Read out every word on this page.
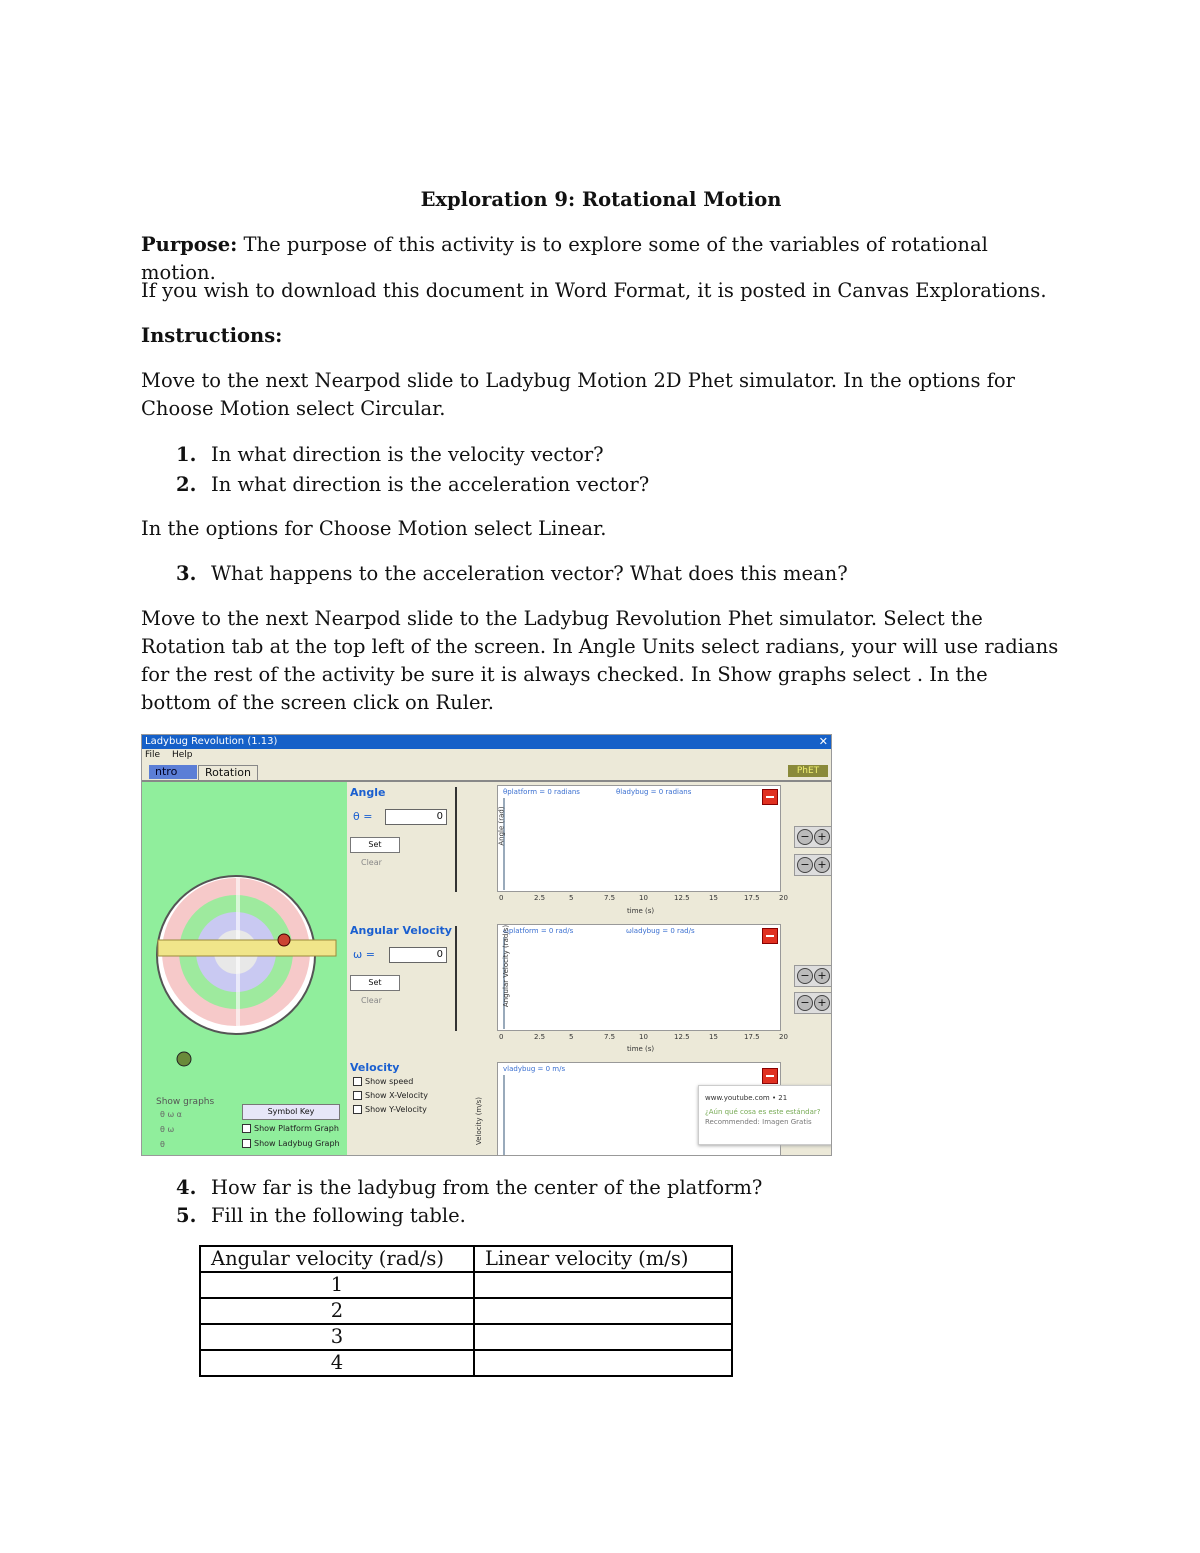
Exploration 9: Rotational Motion
Purpose: The purpose of this activity is to explore some of the variables of rotational motion.
If you wish to download this document in Word Format, it is posted in Canvas Explorations.
Instructions:
Move to the next Nearpod slide to Ladybug Motion 2D Phet simulator. In the options for Choose Motion select Circular.
1. In what direction is the velocity vector?
2. In what direction is the acceleration vector?
In the options for Choose Motion select Linear.
3. What happens to the acceleration vector? What does this mean?
Move to the next Nearpod slide to the Ladybug Revolution Phet simulator. Select the Rotation tab at the top left of the screen. In Angle Units select radians, your will use radians for the rest of the activity be sure it is always checked. In Show graphs select . In the bottom of the screen click on Ruler.
4. How far is the ladybug from the center of the platform?
5. Fill in the following table.
Ladybug Revolution (1.13)	✕
File Help
ntro	Rotation	PhET
Show graphs
θ ω α
θ ω
θ
Symbol Key
Show Platform Graph
Show Ladybug Graph
Angle
θ =	0
Set
Clear
θplatform = 0 radians	θladybug = 0 radians
Angle (rad)
time (s)
0	2.5	5	7.5	10	12.5	15	17.5	20
− +
− +
Angular Velocity
ω =	0
Set
Clear
ωplatform = 0 rad/s	ωladybug = 0 rad/s
Angular Velocity (rad/s)
time (s)
0	2.5	5	7.5	10	12.5	15	17.5	20
− +
− +
Velocity
Show speed
Show X-Velocity
Show Y-Velocity
vladybug = 0 m/s
Velocity (m/s)	www.youtube.com • 21
¿Aún qué cosa es este estándar?
Recommended: Imagen Gratis
Angular velocity (rad/s)	Linear velocity (m/s)
1	
2	
3	
4	
